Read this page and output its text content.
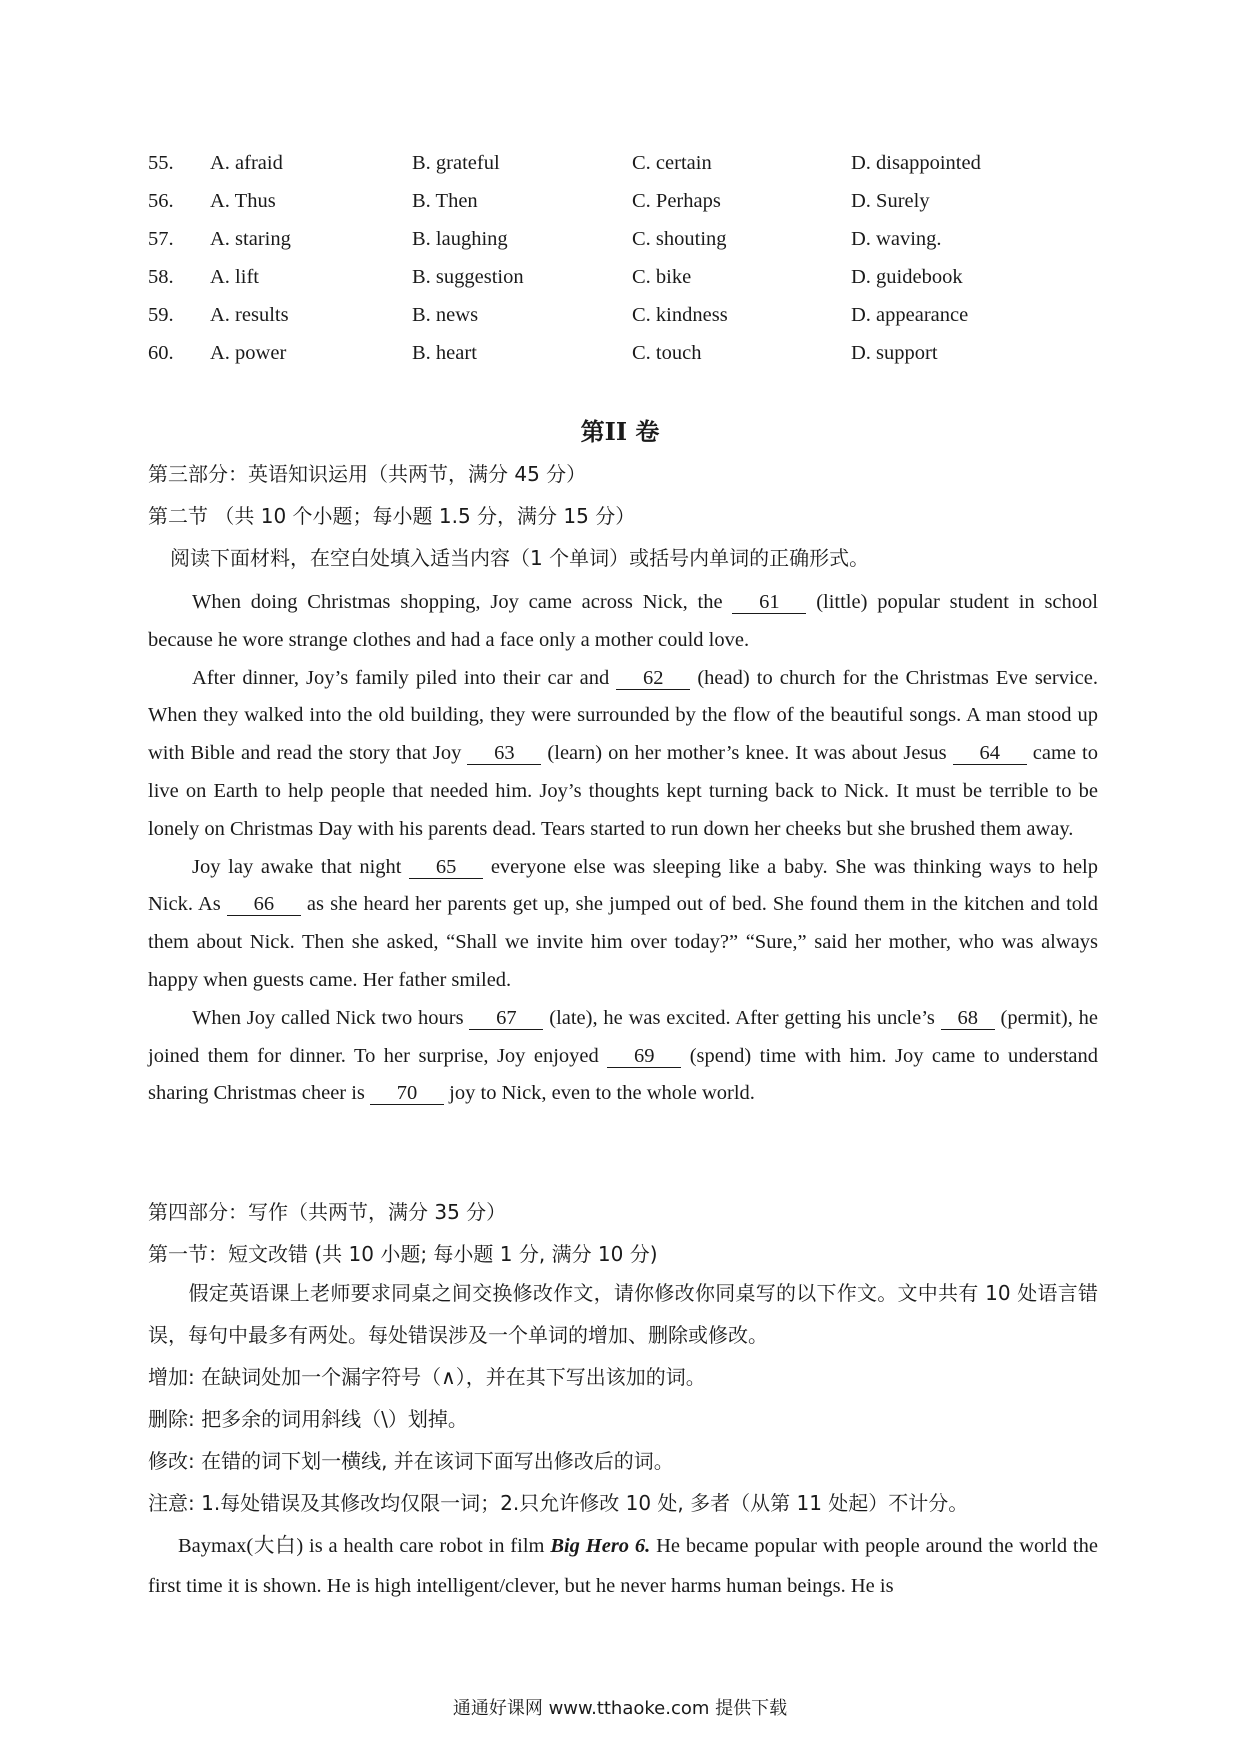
55. A. afraid	B. grateful	C. certain	D. disappointed
56. A. Thus	B. Then	C. Perhaps	D. Surely
57. A. staring	B. laughing	C. shouting	D. waving.
58. A. lift	B. suggestion	C. bike	D. guidebook
59. A. results	B. news	C. kindness	D. appearance
60. A. power	B. heart	C. touch	D. support
第II 卷
第三部分：英语知识运用（共两节，满分 45 分）
第二节 （共 10 个小题；每小题 1.5 分，满分 15 分）
阅读下面材料，在空白处填入适当内容（1 个单词）或括号内单词的正确形式。

When doing Christmas shopping, Joy came across Nick, the 61 (little) popular student in school because he wore strange clothes and had a face only a mother could love.

After dinner, Joy’s family piled into their car and 62 (head) to church for the Christmas Eve service. When they walked into the old building, they were surrounded by the flow of the beautiful songs. A man stood up with Bible and read the story that Joy 63 (learn) on her mother’s knee. It was about Jesus 64 came to live on Earth to help people that needed him. Joy’s thoughts kept turning back to Nick. It must be terrible to be lonely on Christmas Day with his parents dead. Tears started to run down her cheeks but she brushed them away.

Joy lay awake that night 65 everyone else was sleeping like a baby. She was thinking ways to help Nick. As 66 as she heard her parents get up, she jumped out of bed. She found them in the kitchen and told them about Nick. Then she asked, “Shall we invite him over today?” “Sure,” said her mother, who was always happy when guests came. Her father smiled.

When Joy called Nick two hours 67 (late), he was excited. After getting his uncle’s 68 (permit), he joined them for dinner. To her surprise, Joy enjoyed 69 (spend) time with him. Joy came to understand sharing Christmas cheer is 70 joy to Nick, even to the whole world.

第四部分：写作（共两节，满分 35 分）
第一节：短文改错 (共 10 小题; 每小题 1 分, 满分 10 分)

　　假定英语课上老师要求同桌之间交换修改作文，请你修改你同桌写的以下作文。文中共有 10 处语言错误，每句中最多有两处。每处错误涉及一个单词的增加、删除或修改。

增加: 在缺词处加一个漏字符号（∧），并在其下写出该加的词。

删除: 把多余的词用斜线（\）划掉。

修改: 在错的词下划一横线, 并在该词下面写出修改后的词。

注意: 1.每处错误及其修改均仅限一词；2.只允许修改 10 处, 多者（从第 11 处起）不计分。

Baymax(大白) is a health care robot in film Big Hero 6. He became popular with people around the world the first time it is shown. He is high intelligent/clever, but he never harms human beings. He is

通通好课网 www.tthaoke.com 提供下载
